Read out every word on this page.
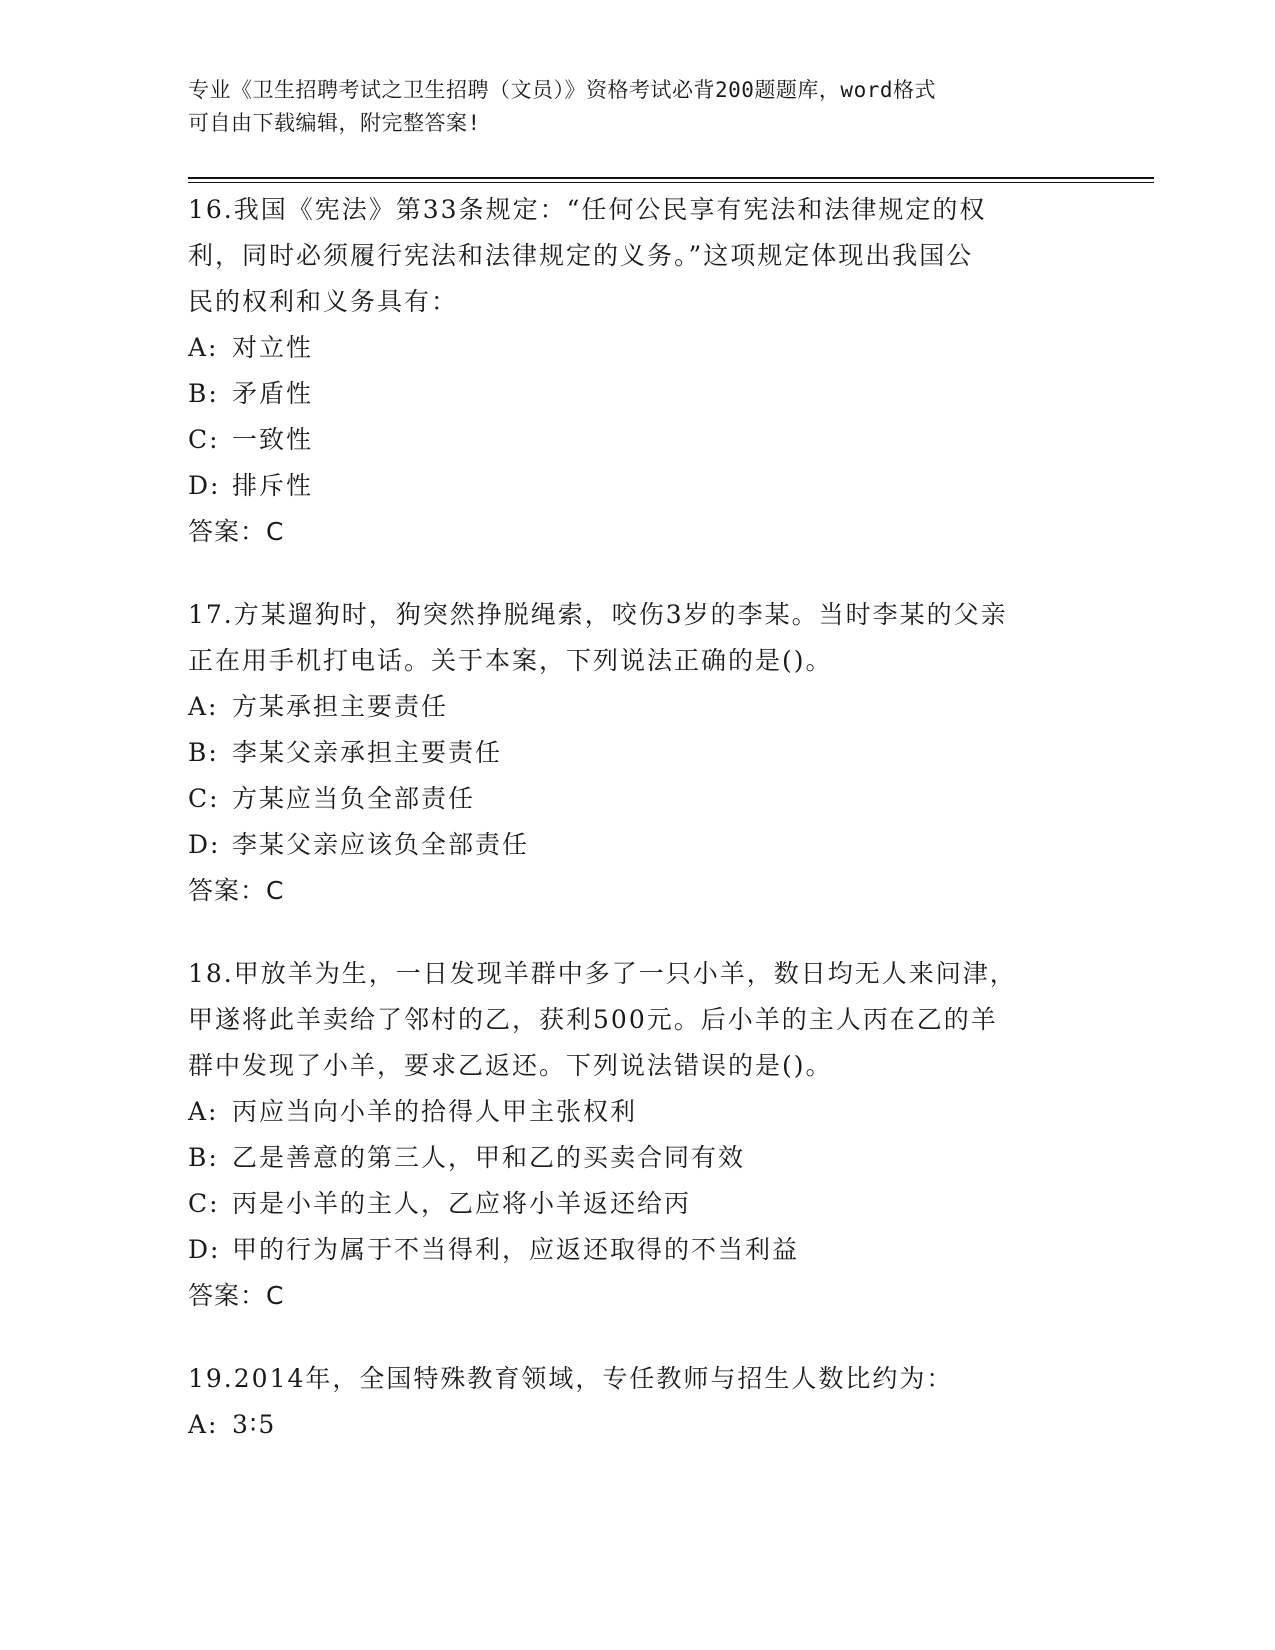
专业《卫生招聘考试之卫生招聘（文员）》资格考试必背200题题库，word格式
可自由下载编辑，附完整答案!
16.我国《宪法》第33条规定：“任何公民享有宪法和法律规定的权
利，同时必须履行宪法和法律规定的义务。”这项规定体现出我国公
民的权利和义务具有：
A: 对立性
B: 矛盾性
C: 一致性
D: 排斥性
答案：C
17.方某遛狗时，狗突然挣脱绳索，咬伤3岁的李某。当时李某的父亲
正在用手机打电话。关于本案，下列说法正确的是()。
A: 方某承担主要责任
B: 李某父亲承担主要责任
C: 方某应当负全部责任
D: 李某父亲应该负全部责任
答案：C
18.甲放羊为生，一日发现羊群中多了一只小羊，数日均无人来问津，
甲遂将此羊卖给了邻村的乙，获利500元。后小羊的主人丙在乙的羊
群中发现了小羊，要求乙返还。下列说法错误的是()。
A: 丙应当向小羊的拾得人甲主张权利
B: 乙是善意的第三人，甲和乙的买卖合同有效
C: 丙是小羊的主人，乙应将小羊返还给丙
D: 甲的行为属于不当得利，应返还取得的不当利益
答案：C
19.2014年，全国特殊教育领域，专任教师与招生人数比约为：
A: 3∶5
